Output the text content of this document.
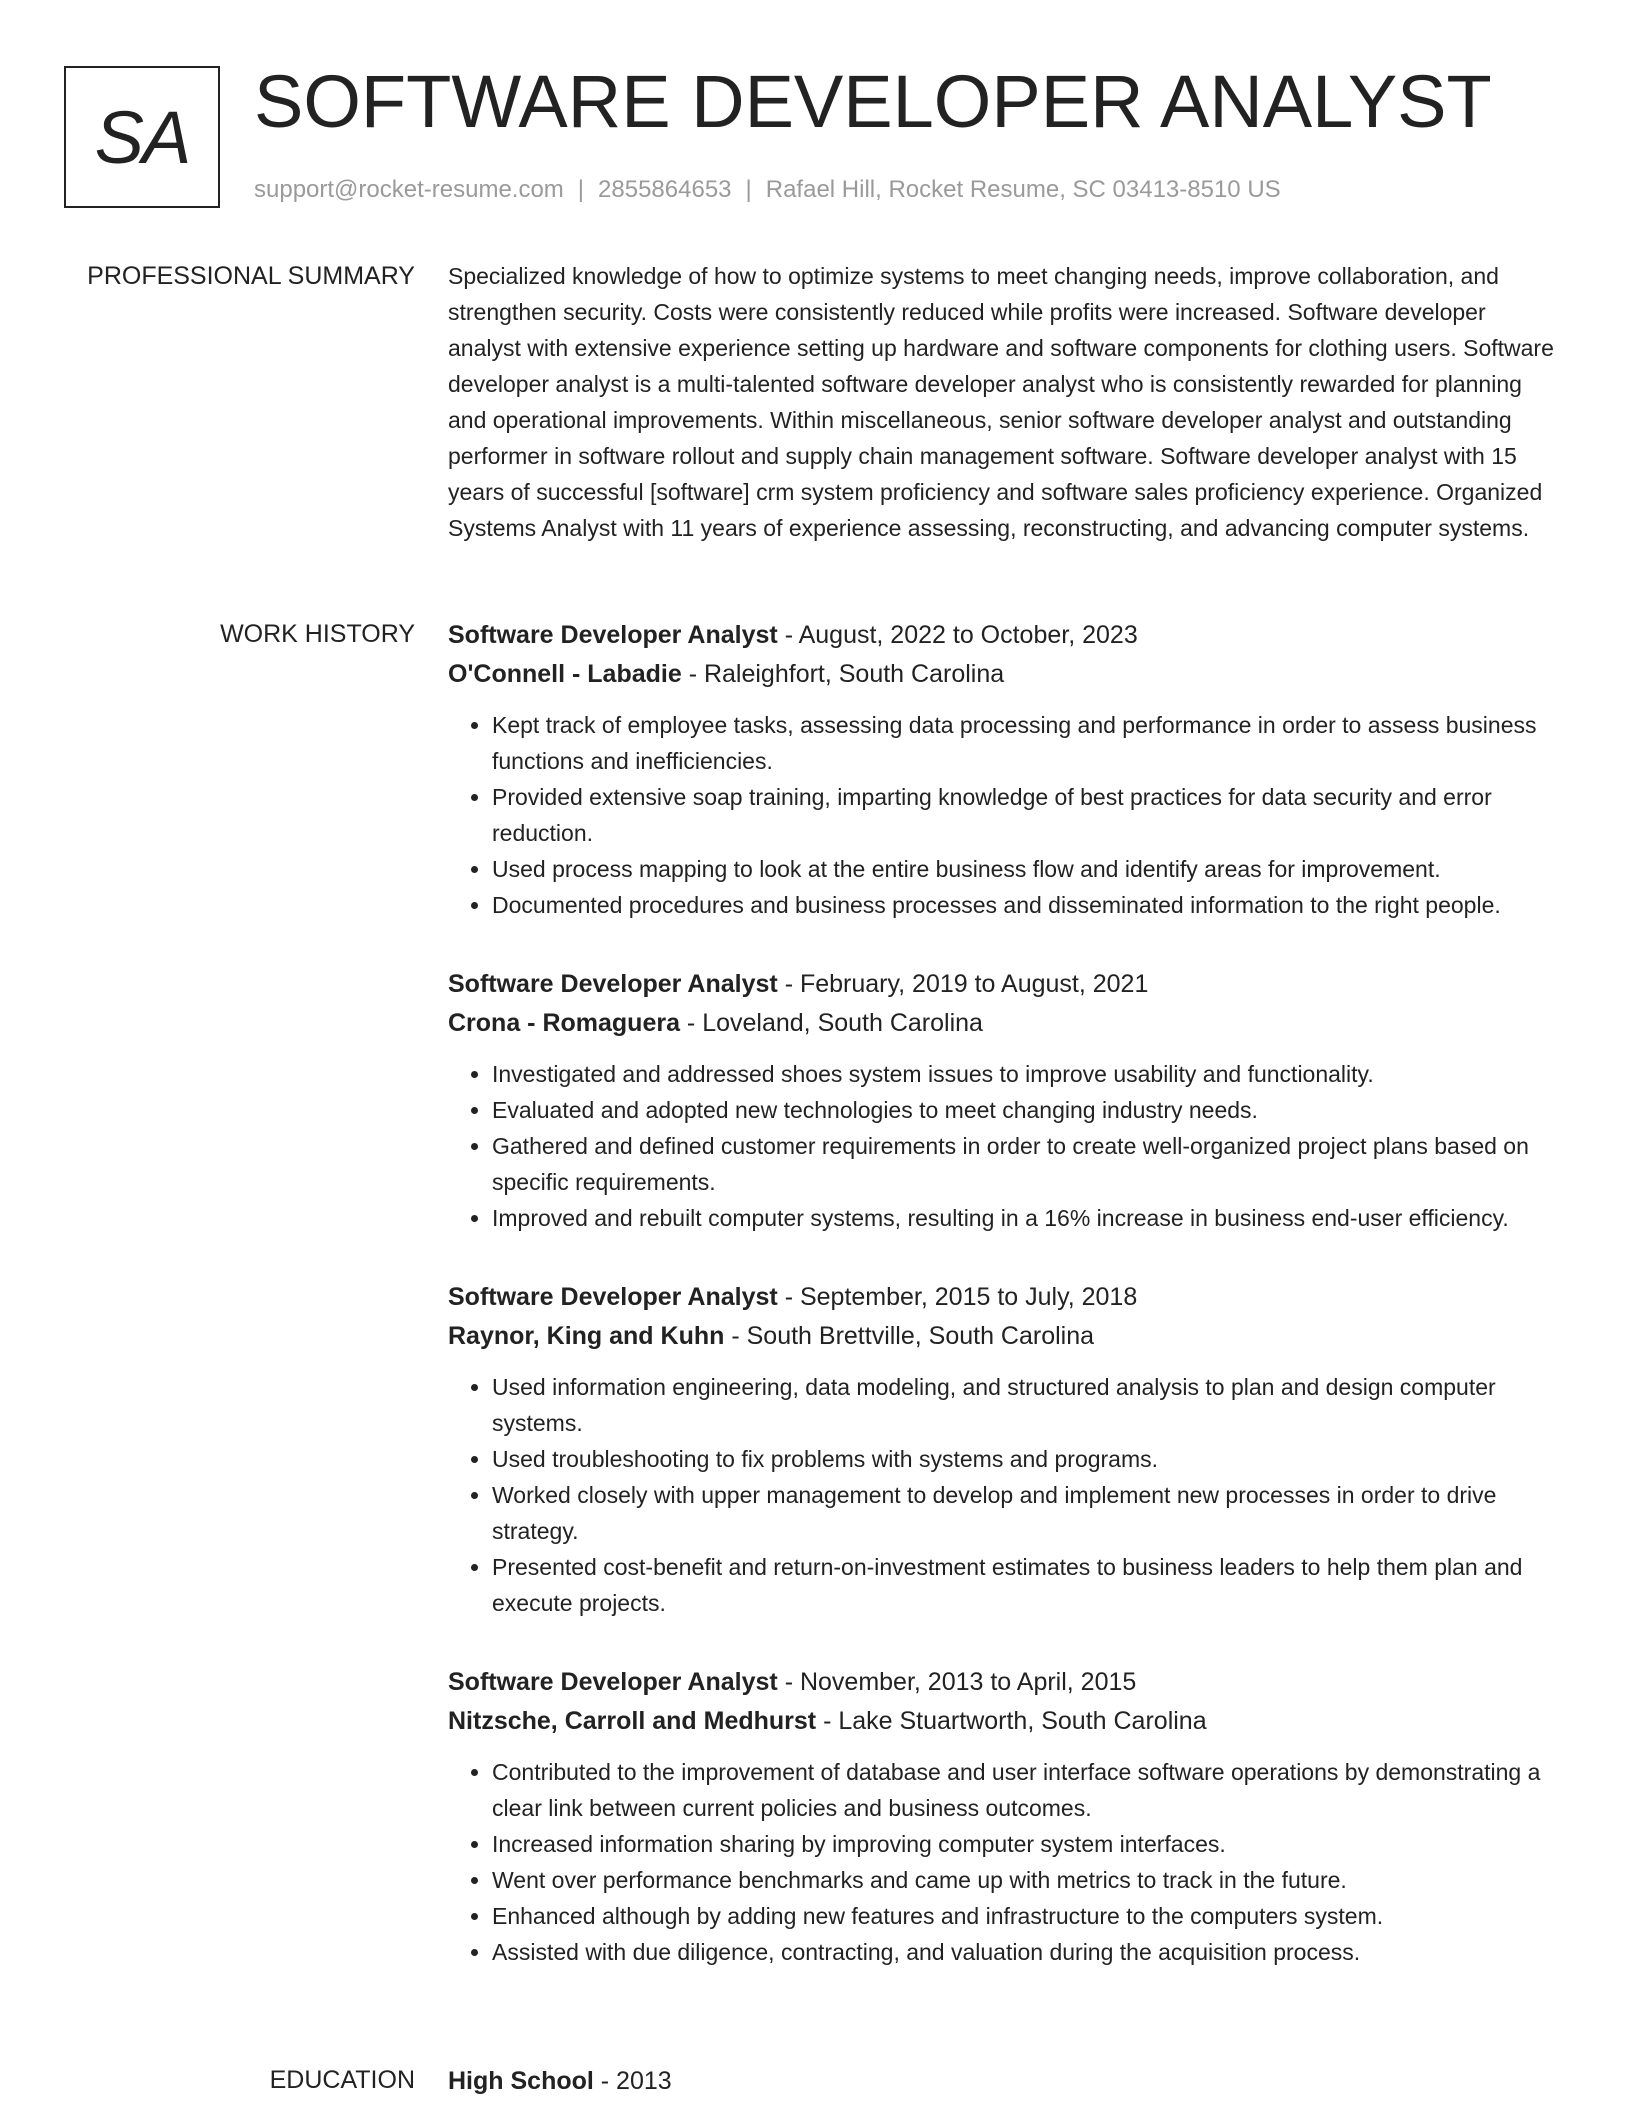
SA SOFTWARE DEVELOPER ANALYST
support@rocket-resume.com | 2855864653 | Rafael Hill, Rocket Resume, SC 03413-8510 US
PROFESSIONAL SUMMARY Specialized knowledge of how to optimize systems to meet changing needs, improve collaboration, and strengthen security. Costs were consistently reduced while profits were increased. Software developer analyst with extensive experience setting up hardware and software components for clothing users. Software developer analyst is a multi-talented software developer analyst who is consistently rewarded for planning and operational improvements. Within miscellaneous, senior software developer analyst and outstanding performer in software rollout and supply chain management software. Software developer analyst with 15 years of successful [software] crm system proficiency and software sales proficiency experience. Organized Systems Analyst with 11 years of experience assessing, reconstructing, and advancing computer systems.

WORK HISTORY Software Developer Analyst - August, 2022 to October, 2023
O'Connell - Labadie - Raleighfort, South Carolina
• Kept track of employee tasks, assessing data processing and performance in order to assess business functions and inefficiencies.
• Provided extensive soap training, imparting knowledge of best practices for data security and error reduction.
• Used process mapping to look at the entire business flow and identify areas for improvement.
• Documented procedures and business processes and disseminated information to the right people.
Software Developer Analyst - February, 2019 to August, 2021
Crona - Romaguera - Loveland, South Carolina
• Investigated and addressed shoes system issues to improve usability and functionality.
• Evaluated and adopted new technologies to meet changing industry needs.
• Gathered and defined customer requirements in order to create well-organized project plans based on specific requirements.
• Improved and rebuilt computer systems, resulting in a 16% increase in business end-user efficiency.
Software Developer Analyst - September, 2015 to July, 2018
Raynor, King and Kuhn - South Brettville, South Carolina
• Used information engineering, data modeling, and structured analysis to plan and design computer systems.
• Used troubleshooting to fix problems with systems and programs.
• Worked closely with upper management to develop and implement new processes in order to drive strategy.
• Presented cost-benefit and return-on-investment estimates to business leaders to help them plan and execute projects.
Software Developer Analyst - November, 2013 to April, 2015
Nitzsche, Carroll and Medhurst - Lake Stuartworth, South Carolina
• Contributed to the improvement of database and user interface software operations by demonstrating a clear link between current policies and business outcomes.
• Increased information sharing by improving computer system interfaces.
• Went over performance benchmarks and came up with metrics to track in the future.
• Enhanced although by adding new features and infrastructure to the computers system.
• Assisted with due diligence, contracting, and valuation during the acquisition process.
EDUCATION High School - 2013
